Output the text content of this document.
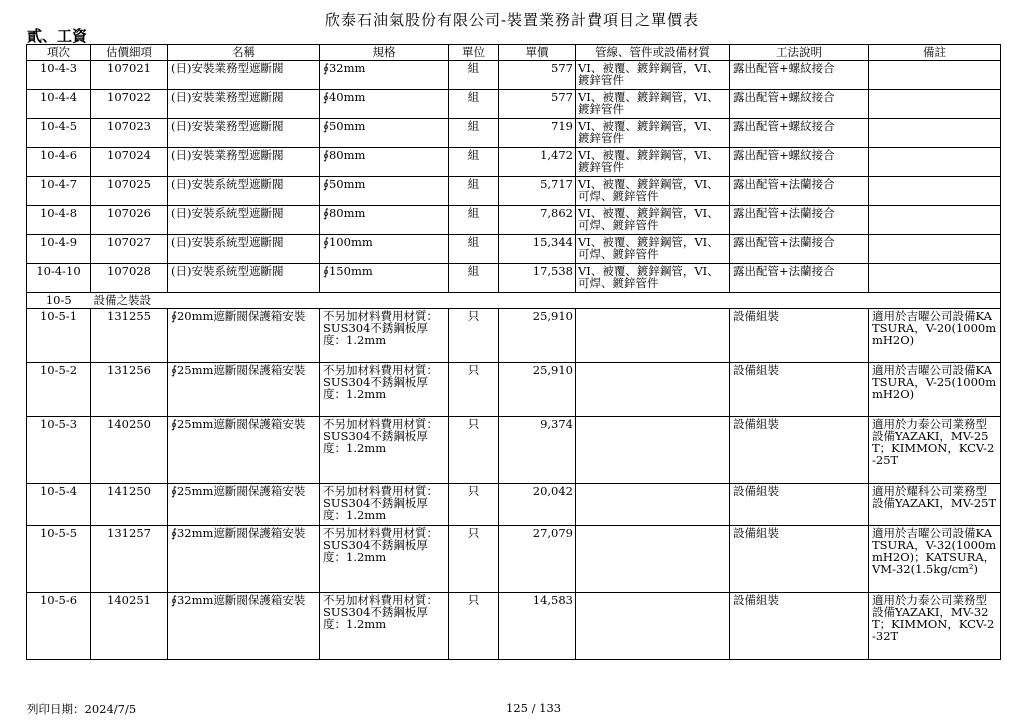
欣泰石油氣股份有限公司-裝置業務計費項目之單價表
貳、工資
項次	估價細項	名稱	規格	單位	單價	管線、管件或設備材質	工法說明	備註
10-4-3	107021	(日)安裝業務型遮斷閥	∮32mm	組	577	VI、被覆、鍍鋅鋼管，VI、鍍鋅管件	露出配管+螺紋接合	
10-4-4	107022	(日)安裝業務型遮斷閥	∮40mm	組	577	VI、被覆、鍍鋅鋼管，VI、鍍鋅管件	露出配管+螺紋接合	
10-4-5	107023	(日)安裝業務型遮斷閥	∮50mm	組	719	VI、被覆、鍍鋅鋼管，VI、鍍鋅管件	露出配管+螺紋接合	
10-4-6	107024	(日)安裝業務型遮斷閥	∮80mm	組	1,472	VI、被覆、鍍鋅鋼管，VI、鍍鋅管件	露出配管+螺紋接合	
10-4-7	107025	(日)安裝系統型遮斷閥	∮50mm	組	5,717	VI、被覆、鍍鋅鋼管，VI、可焊、鍍鋅管件	露出配管+法蘭接合	
10-4-8	107026	(日)安裝系統型遮斷閥	∮80mm	組	7,862	VI、被覆、鍍鋅鋼管，VI、可焊、鍍鋅管件	露出配管+法蘭接合	
10-4-9	107027	(日)安裝系統型遮斷閥	∮100mm	組	15,344	VI、被覆、鍍鋅鋼管，VI、可焊、鍍鋅管件	露出配管+法蘭接合	
10-4-10	107028	(日)安裝系統型遮斷閥	∮150mm	組	17,538	VI、被覆、鍍鋅鋼管，VI、可焊、鍍鋅管件	露出配管+法蘭接合	
10-5	設備之裝設							
10-5-1	131255	∮20mm遮斷閥保護箱安裝	不另加材料費用材質：SUS304不銹鋼板厚度：1.2mm	只	25,910		設備組裝	適用於吉曜公司設備KATSURA，V-20(1000mmH2O)
10-5-2	131256	∮25mm遮斷閥保護箱安裝	不另加材料費用材質：SUS304不銹鋼板厚度：1.2mm	只	25,910		設備組裝	適用於吉曜公司設備KATSURA，V-25(1000mmH2O)
10-5-3	140250	∮25mm遮斷閥保護箱安裝	不另加材料費用材質：SUS304不銹鋼板厚度：1.2mm	只	9,374		設備組裝	適用於力泰公司業務型設備YAZAKI，MV-25T；KIMMON，KCV-2-25T
10-5-4	141250	∮25mm遮斷閥保護箱安裝	不另加材料費用材質：SUS304不銹鋼板厚度：1.2mm	只	20,042		設備組裝	適用於耀科公司業務型設備YAZAKI，MV-25T
10-5-5	131257	∮32mm遮斷閥保護箱安裝	不另加材料費用材質：SUS304不銹鋼板厚度：1.2mm	只	27,079		設備組裝	適用於吉曜公司設備KATSURA，V-32(1000mmH2O)；KATSURA，VM-32(1.5kg/cm²)
10-5-6	140251	∮32mm遮斷閥保護箱安裝	不另加材料費用材質：SUS304不銹鋼板厚度：1.2mm	只	14,583		設備組裝	適用於力泰公司業務型設備YAZAKI，MV-32T；KIMMON，KCV-2-32T
列印日期：2024/7/5	125 / 133
